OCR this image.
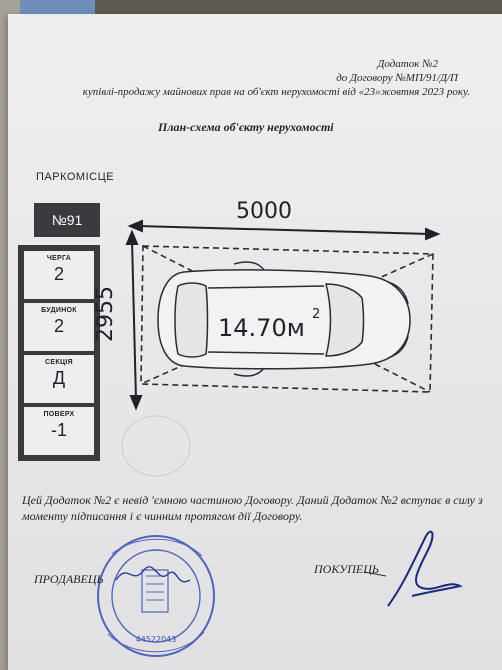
Додаток №2
до Договору №МП/91/Д/П
купівлі-продажу майнових прав на об'єкт нерухомості від «23»жовтня 2023 року.
План-схема об'єкту нерухомості
ПАРКОМІСЦЕ
№91
ЧЕРГА
2
БУДИНОК
2
СЕКЦІЯ
Д
ПОВЕРХ
-1
5000
2955	14.70м 2
44522043
Цей Додаток №2 є невід 'ємною частиною Договору. Даний Додаток №2 вступає в силу з моменту підписання і є чинним протягом дії Договору.
ПРОДАВЕЦЬ
ПОКУПЕЦЬ
